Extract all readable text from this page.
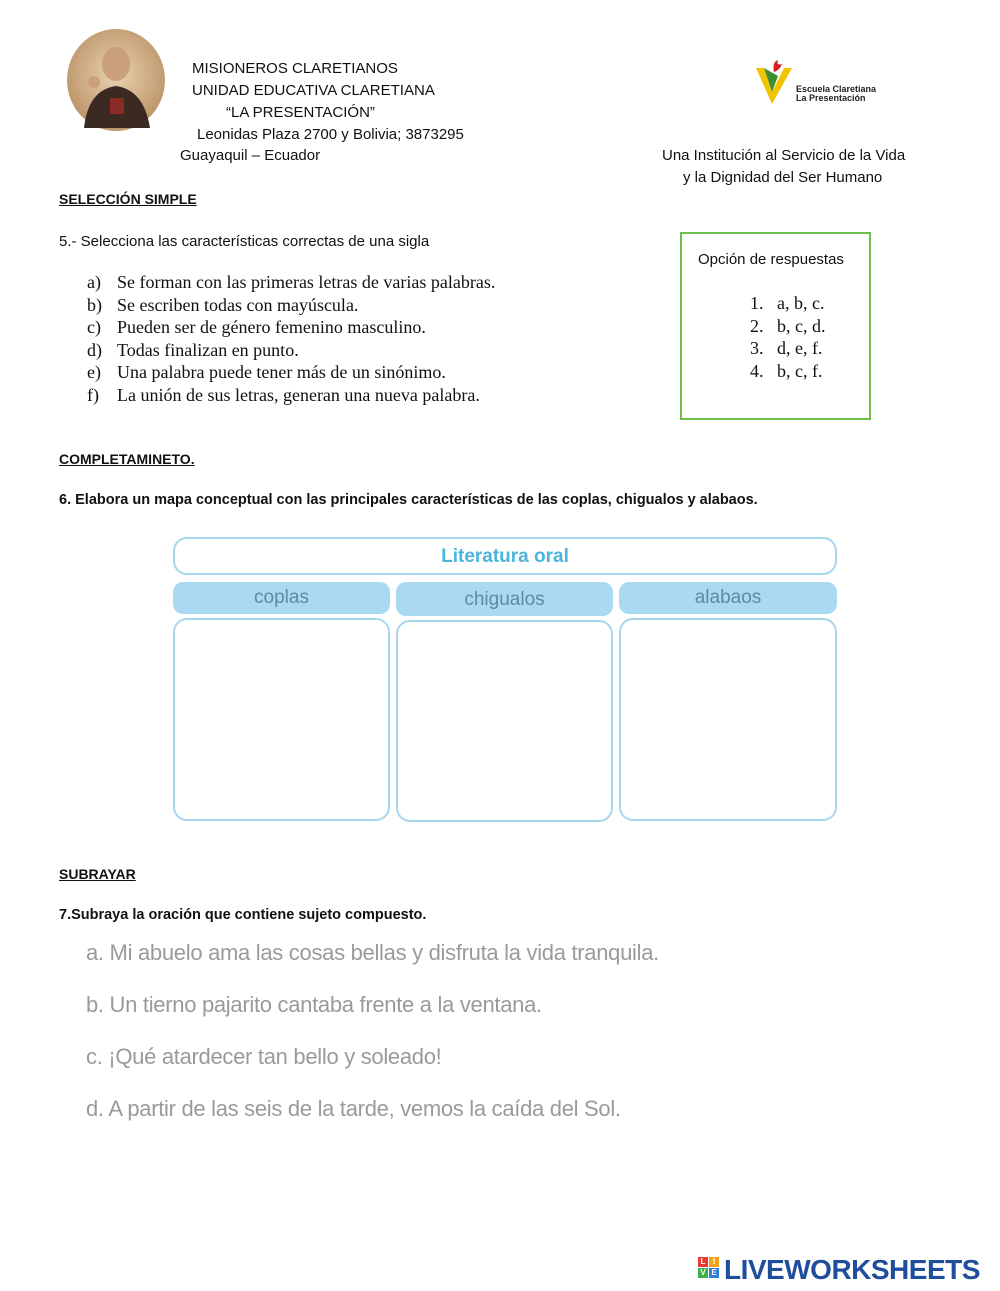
MISIONEROS CLARETIANOS
UNIDAD EDUCATIVA CLARETIANA
“LA PRESENTACIÓN”
Leonidas Plaza 2700 y Bolivia; 3873295
Guayaquil – Ecuador
Escuela Claretiana
La Presentación
Una Institución al Servicio de la Vida
y la Dignidad del Ser Humano
SELECCIÓN SIMPLE
5.- Selecciona las características correctas de una sigla
a) Se forman con las primeras letras de varias palabras.
b) Se escriben todas con mayúscula.
c) Pueden ser de género femenino masculino.
d) Todas finalizan en punto.
e) Una palabra puede tener más de un sinónimo.
f) La unión de sus letras, generan una nueva palabra.
Opción de respuestas
1. a, b, c.
2. b, c, d.
3. d, e, f.
4. b, c, f.
COMPLETAMINETO.
6. Elabora un mapa conceptual con las principales características de las coplas, chigualos y alabaos.
Literatura oral
coplas	chigualos	alabaos
SUBRAYAR
7.Subraya la oración que contiene sujeto compuesto.
a. Mi abuelo ama las cosas bellas y disfruta la vida tranquila.
b. Un tierno pajarito cantaba frente a la ventana.
c. ¡Qué atardecer tan bello y soleado!
d. A partir de las seis de la tarde, vemos la caída del Sol.
L I
V E LIVEWORKSHEETS
